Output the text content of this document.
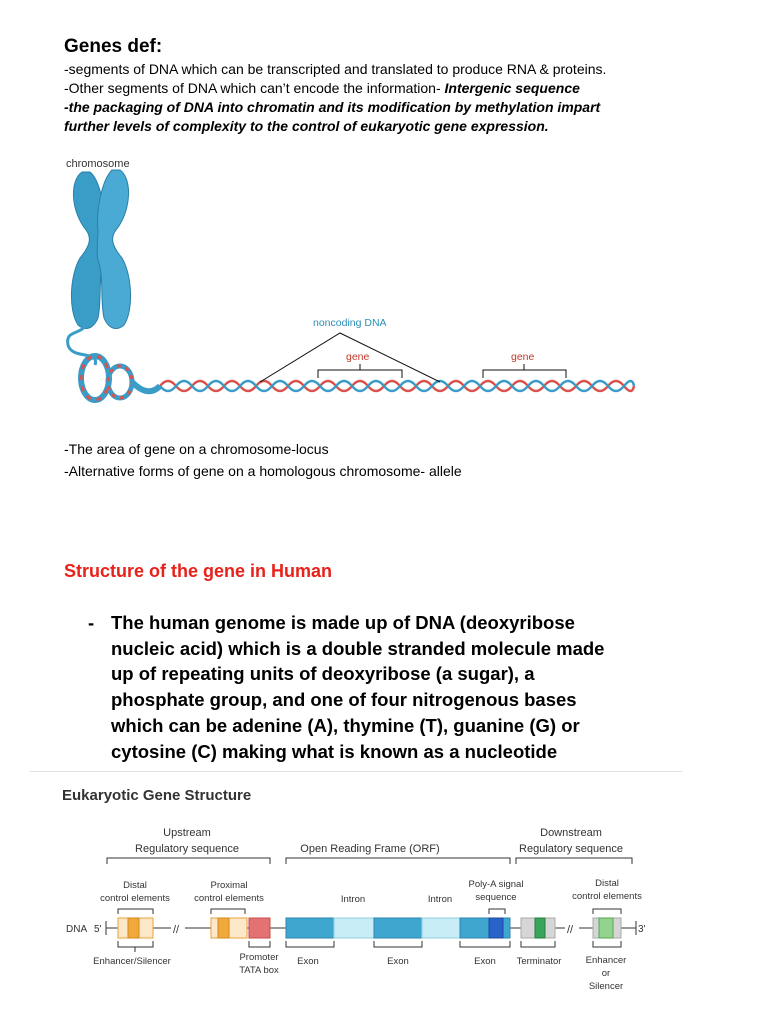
Genes def:
-segments of DNA which can be transcripted and translated to produce RNA & proteins.
-Other segments of DNA which can’t encode the information- Intergenic sequence
-the packaging of DNA into chromatin and its modification by methylation impart
further levels of complexity to the control of eukaryotic gene expression.
chromosome
noncoding DNA
gene	gene
-The area of gene on a chromosome-locus
-Alternative forms of gene on a homologous chromosome- allele
Structure of the gene in Human
- The human genome is made up of DNA (deoxyribose
nucleic acid) which is a double stranded molecule made
up of repeating units of deoxyribose (a sugar), a
phosphate group, and one of four nitrogenous bases
which can be adenine (A), thymine (T), guanine (G) or
cytosine (C) making what is known as a nucleotide
Eukaryotic Gene Structure
Upstream
Regulatory sequence	Open Reading Frame (ORF)
Downstream
Regulatory sequence
Distal
control elements
Proximal
control elements	Intron	Intron
Poly-A signal
sequence
Distal
control elements
DNA 5'	3'
//	//
Enhancer/Silencer	Promoter
TATA box
Exon	Exon	Exon Terminator	Enhancer
or
Silencer
